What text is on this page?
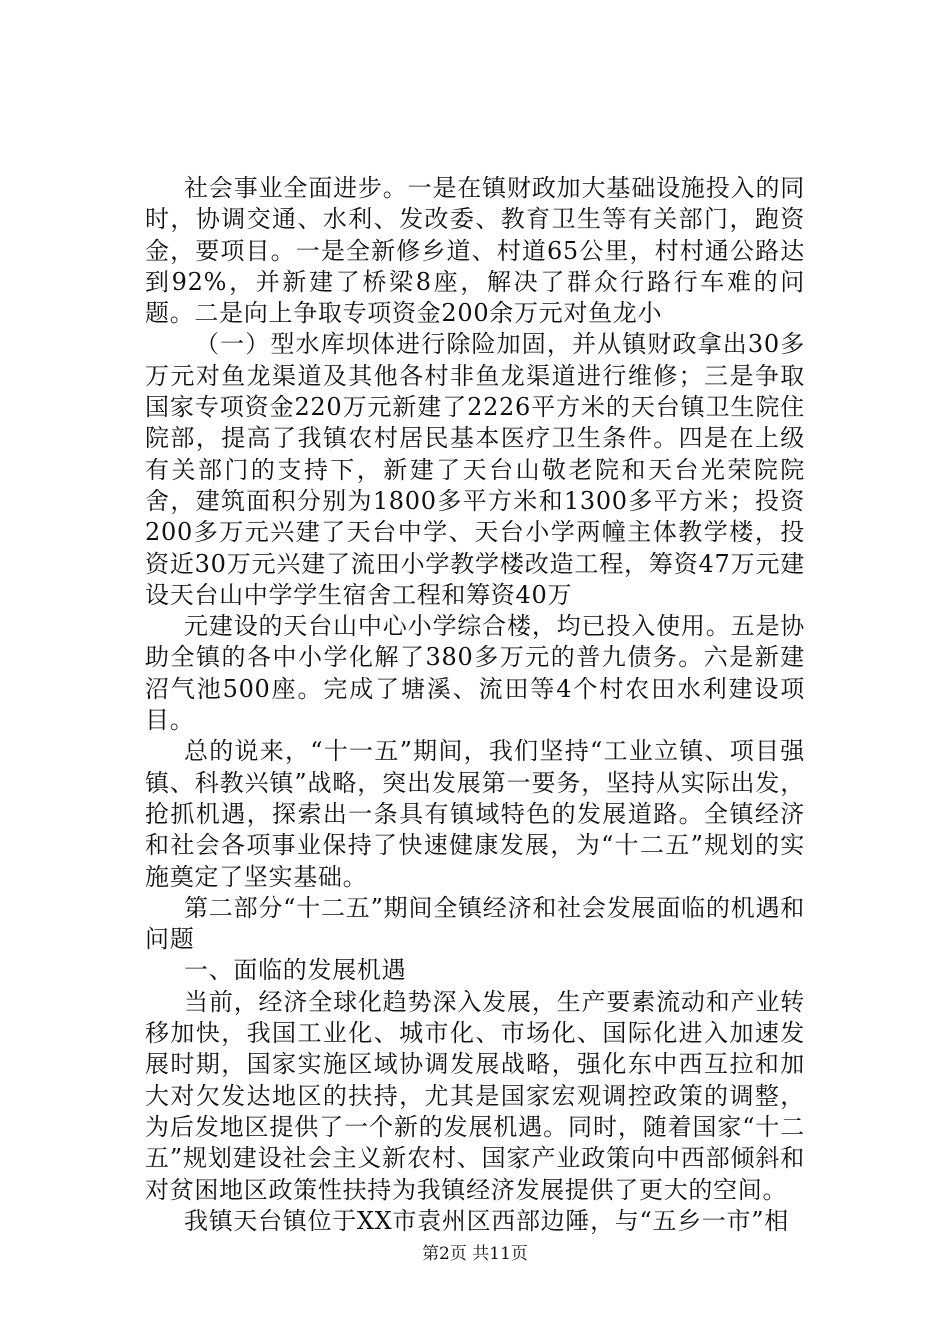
社会事业全面进步。一是在镇财政加大基础设施投入的同时，协调交通、水利、发改委、教育卫生等有关部门，跑资金，要项目。一是全新修乡道、村道65公里，村村通公路达到92%，并新建了桥梁8座，解决了群众行路行车难的问题。二是向上争取专项资金200余万元对鱼龙小

（一）型水库坝体进行除险加固，并从镇财政拿出30多万元对鱼龙渠道及其他各村非鱼龙渠道进行维修；三是争取国家专项资金220万元新建了2226平方米的天台镇卫生院住院部，提高了我镇农村居民基本医疗卫生条件。四是在上级有关部门的支持下，新建了天台山敬老院和天台光荣院院舍，建筑面积分别为1800多平方米和1300多平方米；投资200多万元兴建了天台中学、天台小学两幢主体教学楼，投资近30万元兴建了流田小学教学楼改造工程，筹资47万元建设天台山中学学生宿舍工程和筹资40万

元建设的天台山中心小学综合楼，均已投入使用。五是协助全镇的各中小学化解了380多万元的普九债务。六是新建沼气池500座。完成了塘溪、流田等4个村农田水利建设项目。

总的说来，“十一五”期间，我们坚持“工业立镇、项目强镇、科教兴镇”战略，突出发展第一要务，坚持从实际出发，抢抓机遇，探索出一条具有镇域特色的发展道路。全镇经济和社会各项事业保持了快速健康发展，为“十二五”规划的实施奠定了坚实基础。

第二部分“十二五”期间全镇经济和社会发展面临的机遇和问题

一、面临的发展机遇

当前，经济全球化趋势深入发展，生产要素流动和产业转移加快，我国工业化、城市化、市场化、国际化进入加速发展时期，国家实施区域协调发展战略，强化东中西互拉和加大对欠发达地区的扶持，尤其是国家宏观调控政策的调整，为后发地区提供了一个新的发展机遇。同时，随着国家“十二五”规划建设社会主义新农村、国家产业政策向中西部倾斜和对贫困地区政策性扶持为我镇经济发展提供了更大的空间。

我镇天台镇位于XX市袁州区西部边陲，与“五乡一市”相

第2页 共11页
